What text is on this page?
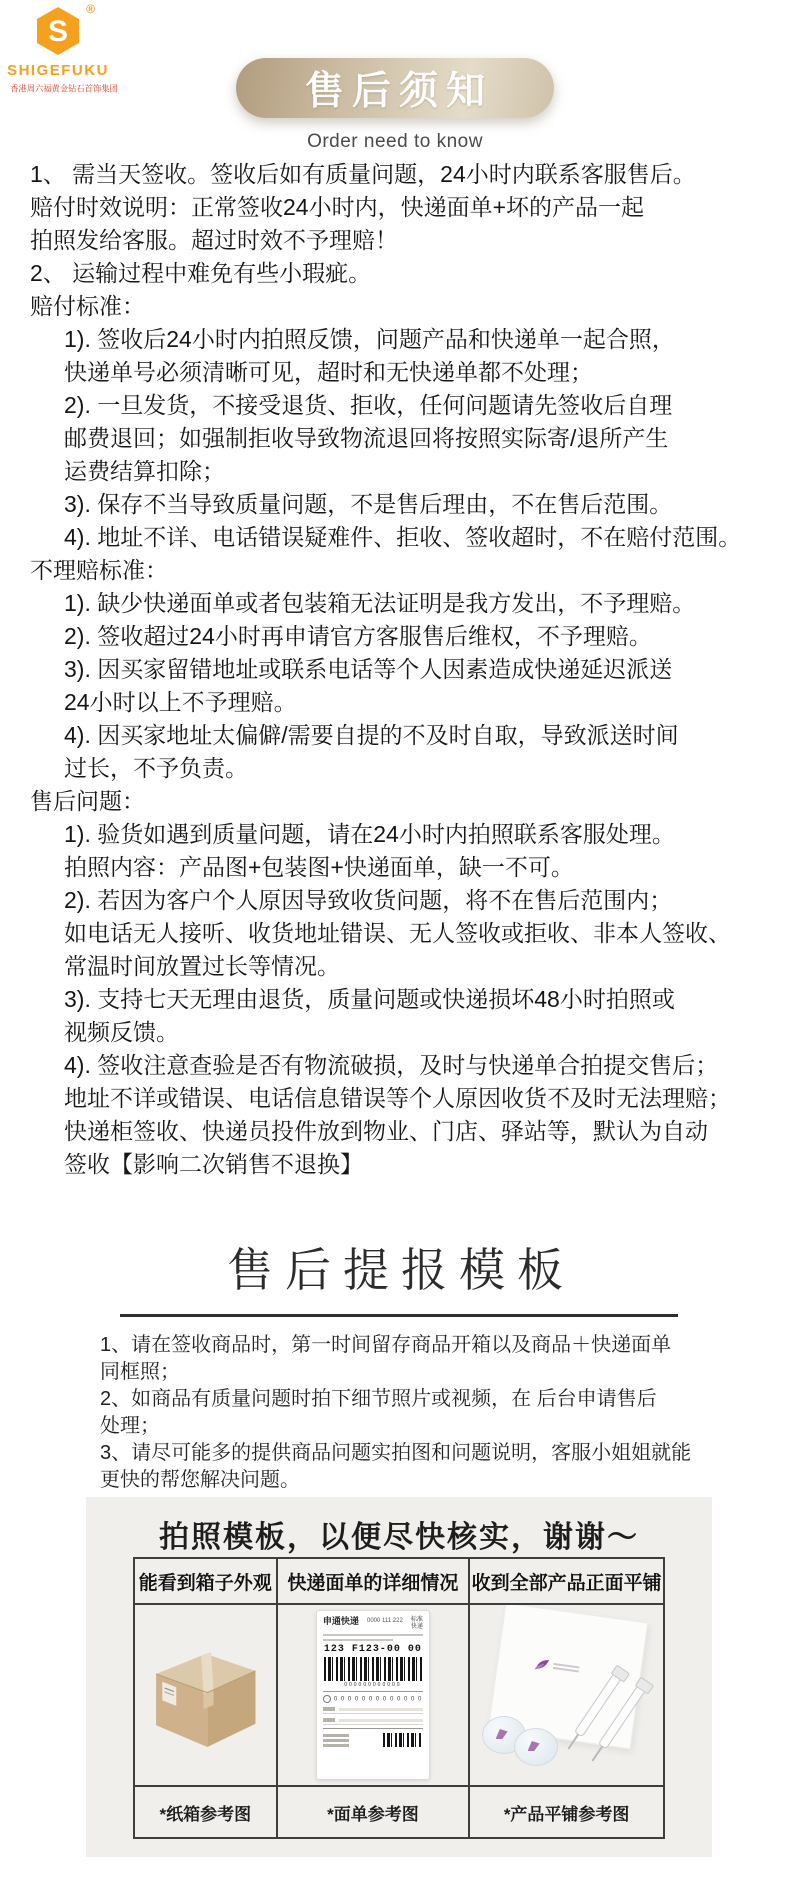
S
®
SHIGEFUKU
香港周六福黄金钻石首饰集团	售后须知
Order need to know
1、 需当天签收。签收后如有质量问题，24小时内联系客服售后。
赔付时效说明：正常签收24小时内，快递面单+坏的产品一起
拍照发给客服。超过时效不予理赔！
2、 运输过程中难免有些小瑕疵。
赔付标准：
1). 签收后24小时内拍照反馈，问题产品和快递单一起合照，
快递单号必须清晰可见，超时和无快递单都不处理；
2). 一旦发货，不接受退货、拒收，任何问题请先签收后自理
邮费退回；如强制拒收导致物流退回将按照实际寄/退所产生
运费结算扣除；
3). 保存不当导致质量问题，不是售后理由，不在售后范围。
4). 地址不详、电话错误疑难件、拒收、签收超时，不在赔付范围。
不理赔标准：
1). 缺少快递面单或者包装箱无法证明是我方发出，不予理赔。
2). 签收超过24小时再申请官方客服售后维权，不予理赔。
3). 因买家留错地址或联系电话等个人因素造成快递延迟派送
24小时以上不予理赔。
4). 因买家地址太偏僻/需要自提的不及时自取，导致派送时间
过长，不予负责。
售后问题：
1). 验货如遇到质量问题，请在24小时内拍照联系客服处理。
拍照内容：产品图+包装图+快递面单，缺一不可。
2). 若因为客户个人原因导致收货问题，将不在售后范围内；
如电话无人接听、收货地址错误、无人签收或拒收、非本人签收、
常温时间放置过长等情况。
3). 支持七天无理由退货，质量问题或快递损坏48小时拍照或
视频反馈。
4). 签收注意查验是否有物流破损，及时与快递单合拍提交售后；
地址不详或错误、电话信息错误等个人原因收货不及时无法理赔；
快递柜签收、快递员投件放到物业、门店、驿站等，默认为自动
签收【影响二次销售不退换】
售后提报模板
1、请在签收商品时，第一时间留存商品开箱以及商品＋快递面单
同框照；
2、如商品有质量问题时拍下细节照片或视频，在 后台申请售后
处理；
3、请尽可能多的提供商品问题实拍图和问题说明，客服小姐姐就能
更快的帮您解决问题。
拍照模板，以便尽快核实，谢谢～
能看到箱子外观 快递面单的详细情况 收到全部产品正面平铺
申通快递 0000 111 222 标准
快递
123 F123-00 00
000000000000
0 0 0 0 0 0 0 0 0 0 0 0 0
*纸箱参考图	*面单参考图	*产品平铺参考图
